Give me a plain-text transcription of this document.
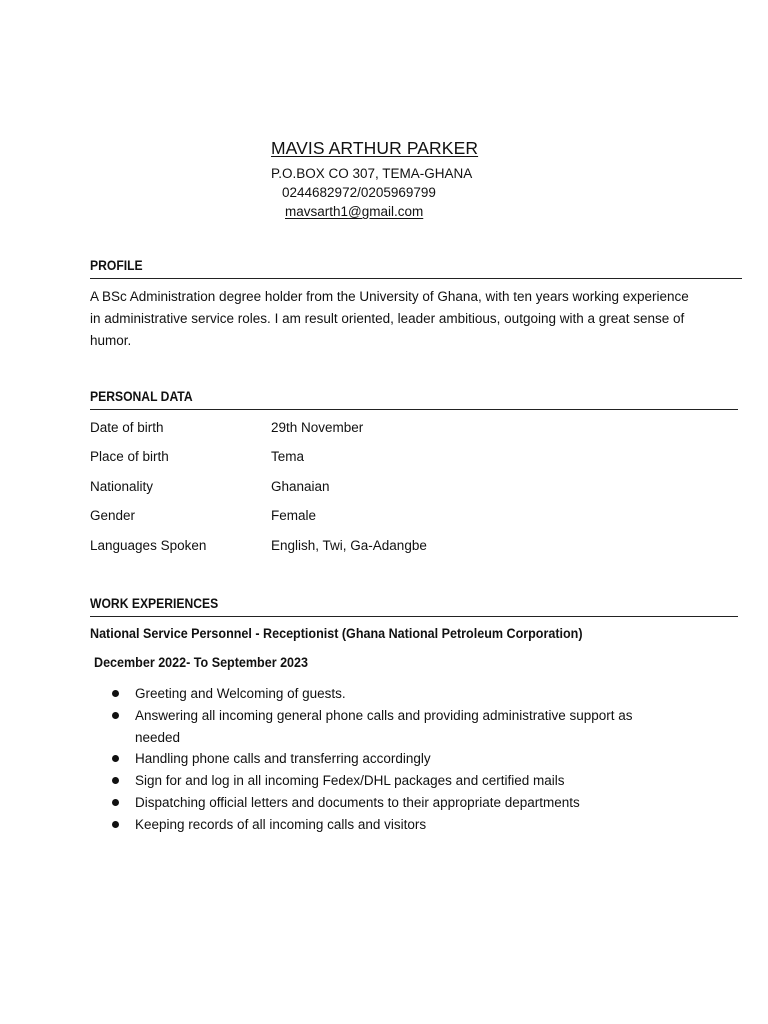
MAVIS ARTHUR PARKER
P.O.BOX CO 307, TEMA-GHANA
0244682972/0205969799
mavsarth1@gmail.com
PROFILE
A BSc Administration degree holder from the University of Ghana, with ten years working experience in administrative service roles. I am result oriented, leader ambitious, outgoing with a great sense of humor.
PERSONAL DATA
Date of birth	29th November
Place of birth	Tema
Nationality	Ghanaian
Gender	Female
Languages Spoken	English, Twi, Ga-Adangbe
WORK EXPERIENCES
National Service Personnel - Receptionist (Ghana National Petroleum Corporation)
December 2022- To September 2023
Greeting and Welcoming of guests.
Answering all incoming general phone calls and providing administrative support as needed
Handling phone calls and transferring accordingly
Sign for and log in all incoming Fedex/DHL packages and certified mails
Dispatching official letters and documents to their appropriate departments
Keeping records of all incoming calls and visitors
